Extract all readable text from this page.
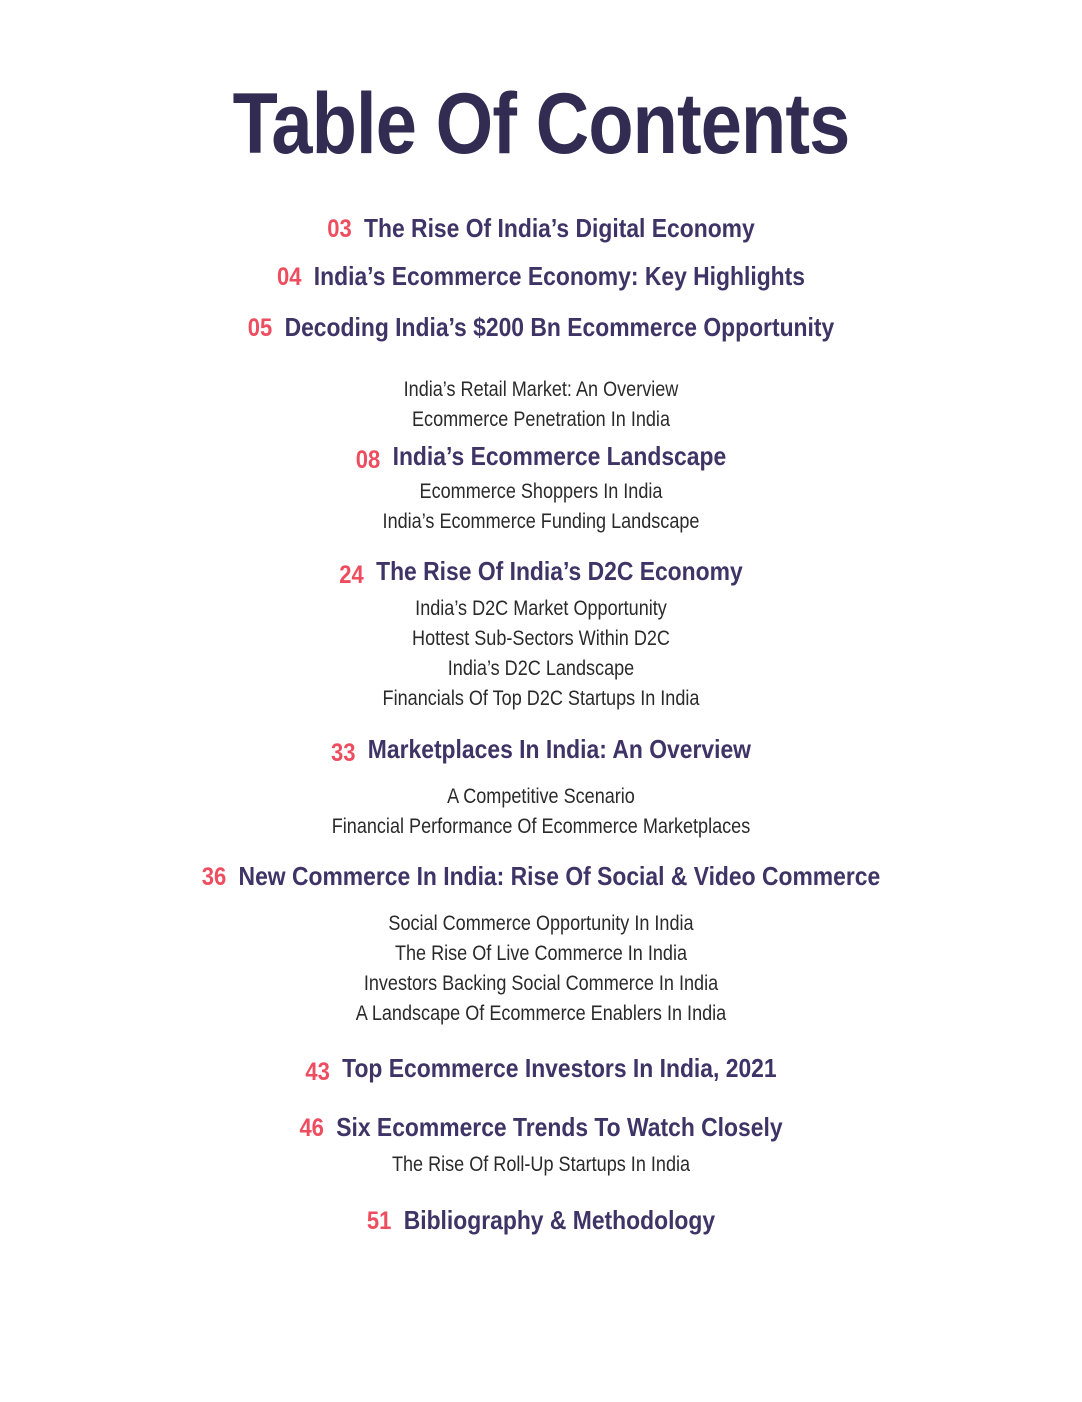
Table Of Contents
03 The Rise Of India’s Digital Economy
04 India’s Ecommerce Economy: Key Highlights
05 Decoding India’s $200 Bn Ecommerce Opportunity
India’s Retail Market: An Overview
Ecommerce Penetration In India
08 India’s Ecommerce Landscape
Ecommerce Shoppers In India
India’s Ecommerce Funding Landscape
24 The Rise Of India’s D2C Economy
India’s D2C Market Opportunity
Hottest Sub-Sectors Within D2C
India’s D2C Landscape
Financials Of Top D2C Startups In India
33 Marketplaces In India: An Overview
A Competitive Scenario
Financial Performance Of Ecommerce Marketplaces
36 New Commerce In India: Rise Of Social & Video Commerce
Social Commerce Opportunity In India
The Rise Of Live Commerce In India
Investors Backing Social Commerce In India
A Landscape Of Ecommerce Enablers In India
43 Top Ecommerce Investors In India, 2021
46 Six Ecommerce Trends To Watch Closely
The Rise Of Roll-Up Startups In India
51 Bibliography & Methodology
